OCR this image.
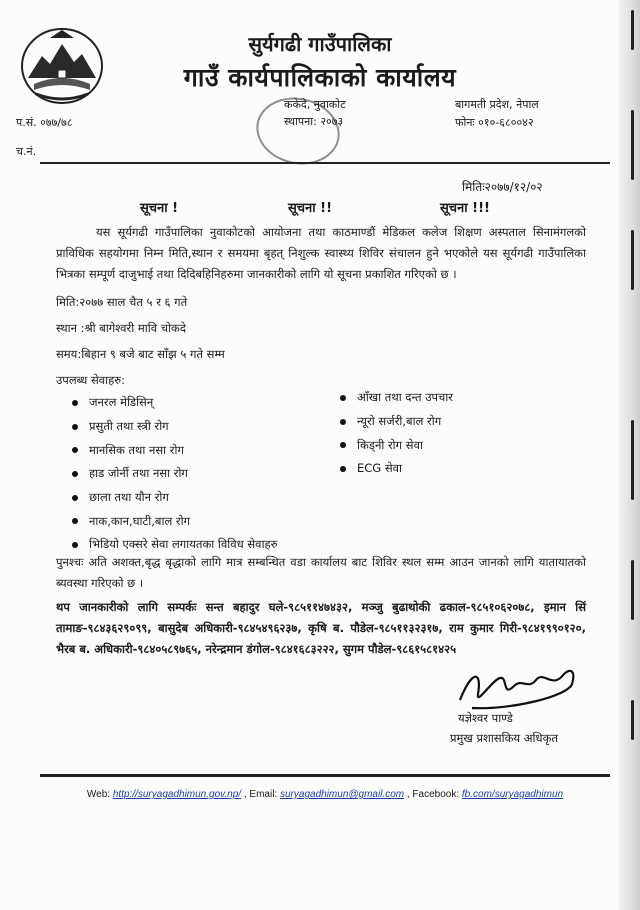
सुर्यगढी गाउँपालिका
गाउँ कार्यपालिकाको कार्यालय
ककेदे, नुवाकोट
स्थापना: २०७३
बागमती प्रदेश, नेपाल
फोनः ०१०-६८००४२
प.सं. ०७७/७८
च.नं.
मितिः२०७७/१२/०२
सूचना !	सूचना !!	सूचना !!!
यस सूर्यगढी गाउँपालिका नुवाकोटको आयोजना तथा काठमाण्डौं मेडिकल कलेज शिक्षण अस्पताल सिनामंगलको प्राविधिक सहयोगमा निम्न मिति,स्थान र समयमा बृहत् निशुल्क स्वास्थ्य शिविर संचालन हुने भएकोले यस सूर्यगढी गाउँपालिका भित्रका सम्पूर्ण दाजुभाई तथा दिदिबहिनिहरुमा जानकारीको लागि यो सूचना प्रकाशित गरिएको छ ।
मिति:२०७७ साल चैत ५ र ६ गते
स्थान :श्री बागेश्वरी मावि चोकदे
समय:बिहान ९ बजे बाट साँझ ५ गते सम्म
उपलब्ध सेवाहरु:
जनरल मेडिसिन्
प्रसुती तथा स्त्री रोग
मानसिक तथा नसा रोग
हाड जोर्नी तथा नसा रोग
छाला तथा यौन रोग
नाक,कान,घाटी,बाल रोग
भिडियो एक्सरे सेवा लगायतका विविध सेवाहरु
आँखा तथा दन्त उपचार
न्यूरो सर्जरी,बाल रोग
किड्नी रोग सेवा
ECG सेवा
पुनश्चः अति अशक्त,बृद्ध बृद्धाको लागि मात्र सम्बन्धित वडा कार्यालय बाट शिविर स्थल सम्म आउन जानको लागि यातायातको ब्यवस्था गरिएको छ ।
थप जानकारीको लागि सम्पर्कः सन्त बहादुर घले-९८५११४७४३२, मञ्जु बुढाथोकी ढकाल-९८५१०६२०७८, इमान सिं तामाङ-९८४३६२९०९९, बासुदेब अधिकारी-९८४५४९६२३७, कृषि ब. पौडेल-९८५११३२३१७, राम कुमार गिरी-९८४१९९०१२०, भैरब ब. अधिकारी-९८४०५८९७६५, नरेन्द्रमान डंगोल-९८४१६८३२२२, सुगम पौडेल-९८६१५८१४२५
यज्ञेश्वर पाण्डे
प्रमुख प्रशासकिय अधिकृत
Web: http://suryagadhimun.gov.np/ , Email: suryagadhimun@gmail.com , Facebook: fb.com/suryagadhimun
